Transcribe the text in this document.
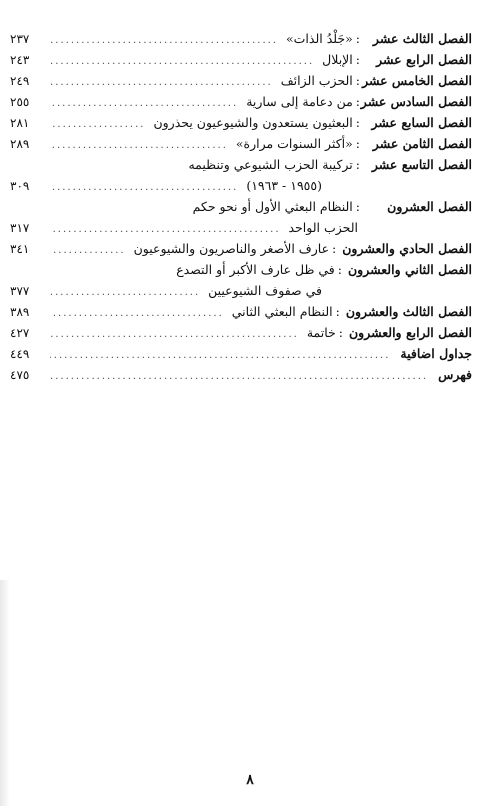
الفصل الثالث عشر
: «جَلْدُ الذات»
.....
٢٣٧
الفصل الرابع عشر
: الإبلال
.....
٢٤٣
الفصل الخامس عشر
: الحزب الزائف
.....
٢٤٩
الفصل السادس عشر
: من دعامة إلى سارية
.....
٢٥٥
الفصل السابع عشر
: البعثيون يستعدون والشيوعيون يحذرون
.....
٢٨١
الفصل الثامن عشر
: «أكثر السنوات مرارة»
.....
٢٨٩
الفصل التاسع عشر
: تركيبة الحزب الشيوعي وتنظيمه
(١٩٥٥ - ١٩٦٣)
.....
٣٠٩
الفصل العشرون
: النظام البعثي الأول أو نحو حكم
الحزب الواحد
.....
٣١٧
الفصل الحادي والعشرون
: عارف الأصغر والناصريون والشيوعيون
.....
٣٤١
الفصل الثاني والعشرون
: في ظل عارف الأكبر أو التصدع
في صفوف الشيوعيين
.....
٣٧٧
الفصل الثالث والعشرون
: النظام البعثي الثاني
.....
٣٨٩
الفصل الرابع والعشرون
: خاتمة
.....
٤٢٧
جداول اضافية
.....
٤٤٩
فهرس
.....
٤٧٥
٨
